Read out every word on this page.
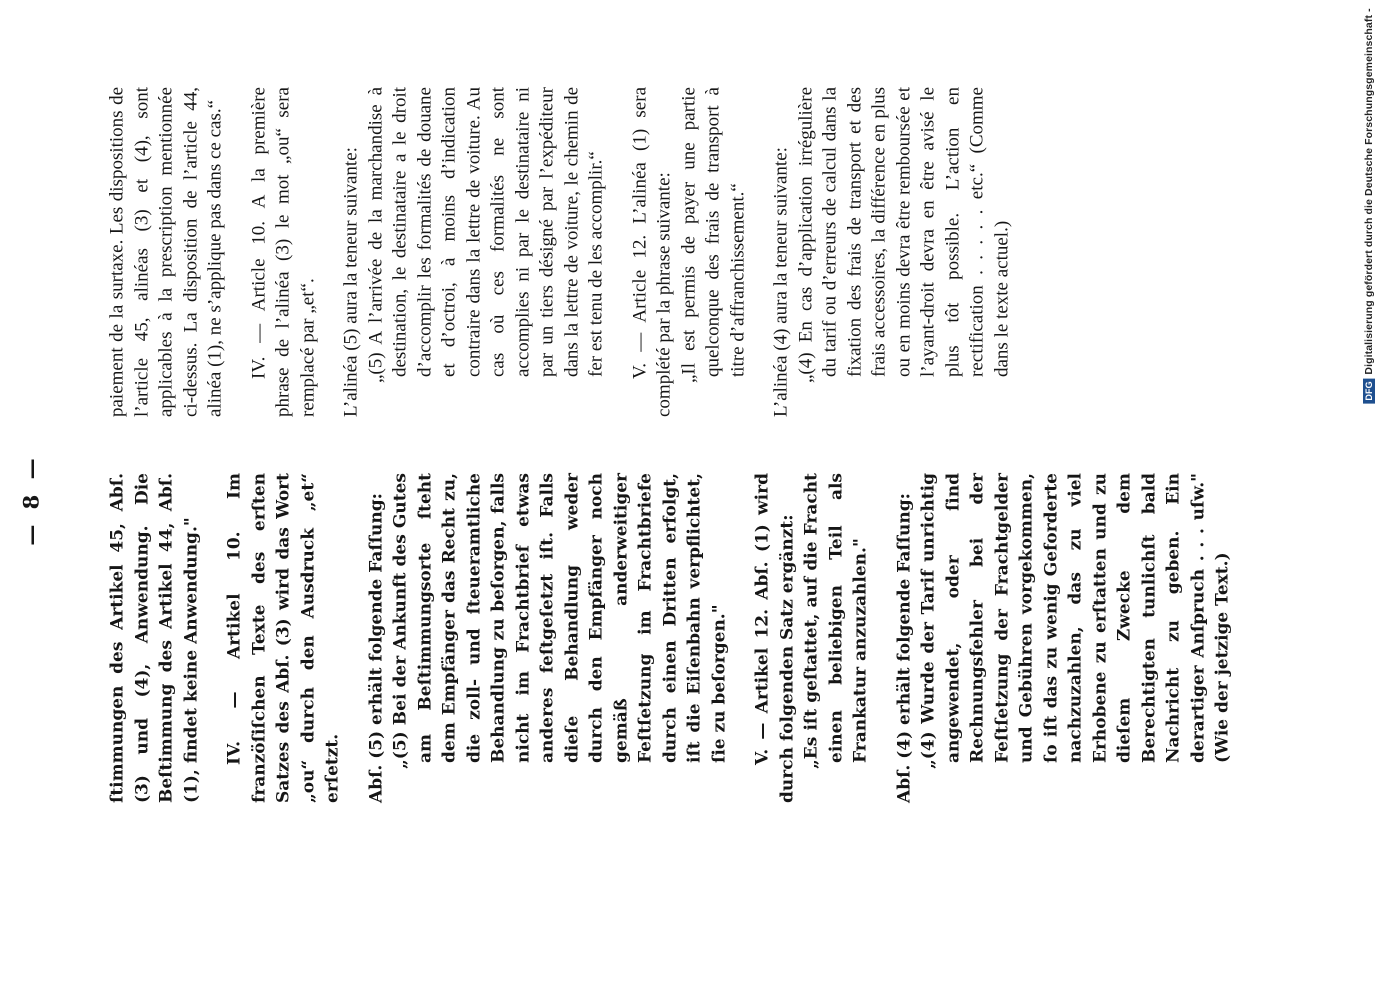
— 8 —	ſtimmungen des Artikel 45, Abſ. (3) und (4), Anwendung. Die Beſtimmung des Artikel 44, Abſ. (1), findet keine Anwendung." IV. — Artikel 10. Im franzöſiſchen Texte des erſten Satzes des Abſ. (3) wird das Wort „ou“ durch den Ausdruck „et“ erſetzt. Abſ. (5) erhält folgende Faſſung: „(5) Bei der Ankunft des Gutes am Beſtimmungsorte ſteht dem Empfänger das Recht zu, die zoll- und ſteueramtliche Behandlung zu beſorgen, falls nicht im Frachtbrief etwas anderes feſtgeſetzt iſt. Falls dieſe Behandlung weder durch den Empfänger noch gemäß anderweitiger Feſtſetzung im Frachtbriefe durch einen Dritten erfolgt, iſt die Eiſenbahn verpflichtet, ſie zu beſorgen." V. — Artikel 12. Abſ. (1) wird durch folgenden Satz ergänzt: „Es iſt geſtattet, auf die Fracht einen beliebigen Teil als Frankatur anzuzahlen." Abſ. (4) erhält folgende Faſſung: „(4) Wurde der Tarif unrichtig angewendet, oder ſind Rechnungsfehler bei der Feſtſetzung der Frachtgelder und Gebühren vorgekommen, ſo iſt das zu wenig Geforderte nachzuzahlen, das zu viel Erhobene zu erſtatten und zu dieſem Zwecke dem Berechtigten tunlichſt bald Nachricht zu geben. Ein derartiger Anſpruch . . . uſw." (Wie der jetzige Text.)

paiement de la surtaxe. Les dispositions de l’article 45, alinéas (3) et (4), sont applicables à la prescription mentionnée ci-dessus. La disposition de l’article 44, alinéa (1), ne s’applique pas dans ce cas.“ IV. — Article 10. A la première phrase de l’alinéa (3) le mot „ou“ sera remplacé par „et“. L’alinéa (5) aura la teneur suivante: „(5) A l’arrivée de la marchandise à destination, le destinataire a le droit d’accomplir les formalités de douane et d’octroi, à moins d’indication contraire dans la lettre de voiture. Au cas où ces formalités ne sont accomplies ni par le destinataire ni par un tiers désigné par l’expéditeur dans la lettre de voiture, le chemin de fer est tenu de les accomplir.“ V. — Article 12. L’alinéa (1) sera complété par la phrase suivante: „Il est permis de payer une partie quelconque des frais de transport à titre d’affranchissement.“ L’alinéa (4) aura la teneur suivante: „(4) En cas d’application irrégulière du tarif ou d’erreurs de calcul dans la fixation des frais de transport et des frais accessoires, la différence en plus ou en moins devra être remboursée et l’ayant-droit devra en être avisé le plus tôt possible. L’action en rectification . . . . . etc.“ (Comme dans le texte actuel.)

DFG
Digitalisierung gefördert durch die Deutsche Forschungsgemeinschaft -
